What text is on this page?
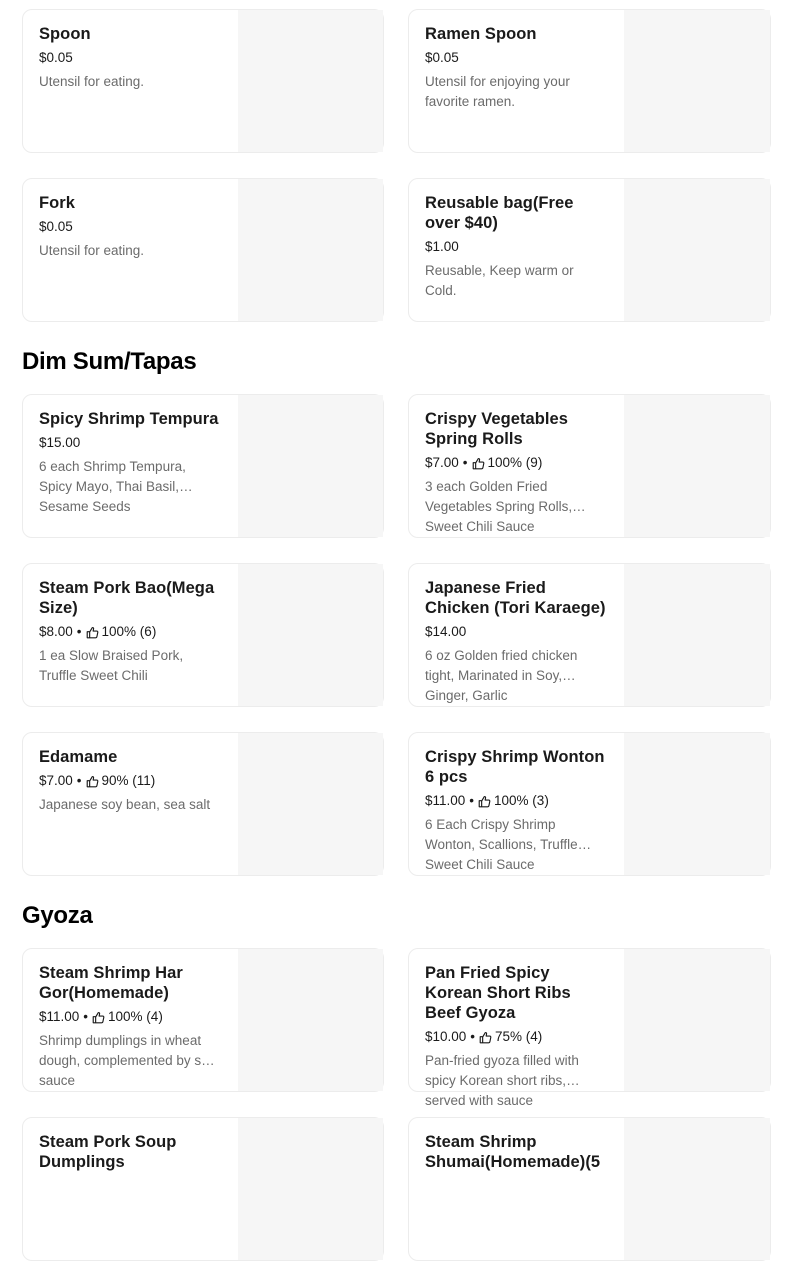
Spoon
$0.05
Utensil for eating.
Ramen Spoon
$0.05
Utensil for enjoying your favorite ramen.
Fork
$0.05
Utensil for eating.
Reusable bag(Free over $40)
$1.00
Reusable, Keep warm or Cold.
Dim Sum/Tapas
Spicy Shrimp Tempura
$15.00
6 each Shrimp Tempura, Spicy Mayo, Thai Basil, Sesame Seeds
Crispy Vegetables Spring Rolls
$7.00 • 100% (9)
3 each Golden Fried Vegetables Spring Rolls, Sweet Chili Sauce
Steam Pork Bao(Mega Size)
$8.00 • 100% (6)
1 ea Slow Braised Pork, Truffle Sweet Chili
Japanese Fried Chicken (Tori Karaege)
$14.00
6 oz Golden fried chicken tight, Marinated in Soy, Ginger, Garlic
Edamame
$7.00 • 90% (11)
Japanese soy bean, sea salt
Crispy Shrimp Wonton 6 pcs
$11.00 • 100% (3)
6 Each Crispy Shrimp Wonton, Scallions, Truffle Sweet Chili Sauce
Gyoza
Steam Shrimp Har Gor(Homemade)
$11.00 • 100% (4)
Shrimp dumplings in wheat dough, complemented by soy sauce
Pan Fried Spicy Korean Short Ribs Beef Gyoza
$10.00 • 75% (4)
Pan-fried gyoza filled with spicy Korean short ribs, served with sauce
Steam Pork Soup Dumplings
Steam Shrimp Shumai(Homemade)(5
